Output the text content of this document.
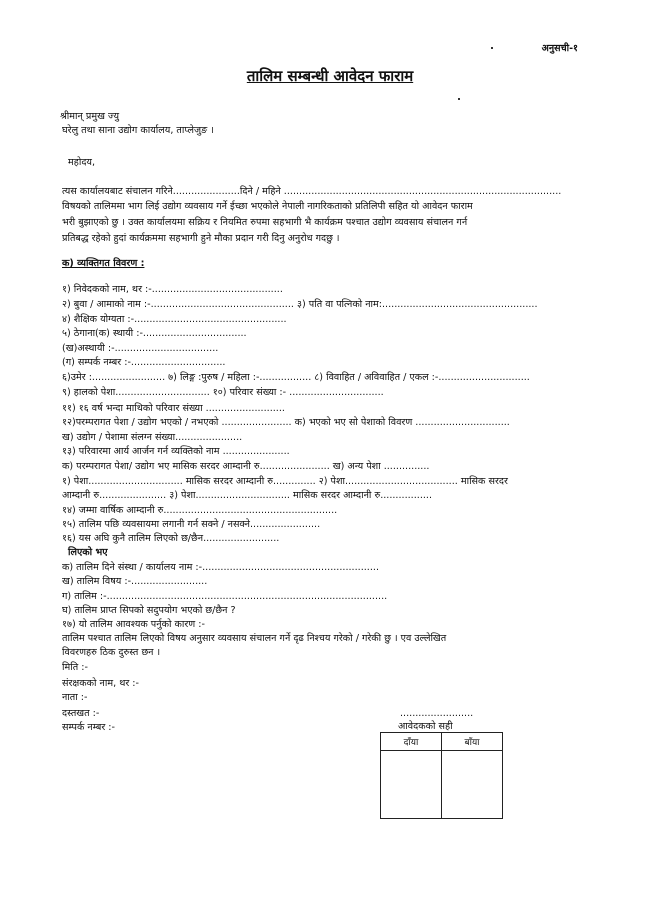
अनुसची-१
तालिम सम्बन्धी आवेदन फाराम
श्रीमान् प्रमुख ज्यु
घरेलु तथा साना उद्योग कार्यालय, ताप्लेजुङ ।
महोदय,
त्यस कार्यालयबाट संचालन गरिने......................दिने / महिने ...........................................................................................
विषयको तालिममा भाग लिई उद्योग व्यवसाय गर्ने ईच्छा भएकोले नेपाली नागरिकताको प्रतिलिपी सहित यो आवेदन फाराम
भरी बुझाएको छु । उक्त कार्यालयमा सक्रिय र नियमित रुपमा सहभागी भै कार्यक्रम पश्चात उद्योग व्यवसाय संचालन गर्न
प्रतिबद्ध रहेको हुदां कार्यक्रममा सहभागी हुने मौका प्रदान गरी दिनु अनुरोध गदछु ।
क) व्यक्तिगत विवरण :
१) निवेदकको नाम, थर :-...........................................
२) बुवा / आमाको नाम :-............................................... ३) पति वा पत्निको नाम:...................................................
४) शैक्षिक योग्यता :-..................................................
५) ठेगाना(क) स्थायी :-..................................
(ख)अस्थायी :-..................................
(ग) सम्पर्क नम्बर :-...............................
६)उमेर :........................ ७) लिङ्ग :पुरुष / महिला :-................. ८) विवाहित / अविवाहित / एकल :-..............................
९) हालको पेशा............................... १०) परिवार संख्या :- ...............................
११) १६ वर्ष भन्दा माथिको परिवार संख्या ..........................
१२)परम्परागत पेशा / उद्योग भएको / नभएको ....................... क) भएको भए सो पेशाको विवरण ...............................
ख) उद्योग / पेशामा संलग्न संख्या......................
१३) परिवारमा आर्य आर्जन गर्न व्यक्तिको नाम ......................
क) परम्परागत पेशा/ उद्योग भए मासिक सरदर आम्दानी रु....................... ख) अन्य पेशा ...............
१) पेशा............................... मासिक सरदर आम्दानी रु.............. २) पेशा..................................... मासिक सरदर
आम्दानी रु...................... ३) पेशा............................... मासिक सरदर आम्दानी रु.................
१४) जम्मा वार्षिक आम्दानी रु.........................................................
१५) तालिम पछि व्यवसायमा लगानी गर्न सक्ने / नसक्ने.......................
१६) यस अघि कुनै तालिम लिएको छ/छैन.........................
लिएको भए
क) तालिम दिने संस्था / कार्यालय नाम :-..........................................................
ख) तालिम विषय :-.........................
ग) तालिम :-............................................................................................
घ) तालिम प्राप्त सिपको सदुपयोग भएको छ/छैन ?
१७) यो तालिम आवश्यक पर्नुको कारण :-
तालिम पश्चात तालिम लिएको विषय अनुसार व्यवसाय संचालन गर्ने दृढ निश्चय गरेको / गरेकी छु । एव उल्लेखित
विवरणहरु ठिक दुरुस्त छन ।
मिति :-
संरक्षकको नाम, थर :-
नाता :-
दस्तखत :-
सम्पर्क नम्बर :-
........................
आवेदकको सही
दाँया	बाँया
